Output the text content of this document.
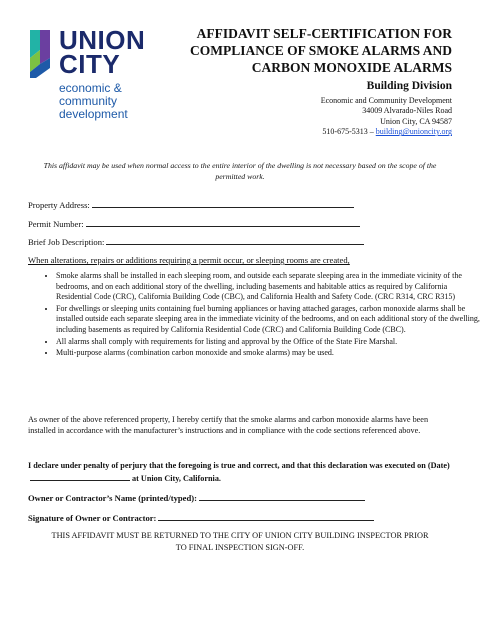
UNION
CITY
economic &
community
development
AFFIDAVIT SELF-CERTIFICATION FOR
COMPLIANCE OF SMOKE ALARMS AND
CARBON MONOXIDE ALARMS
Building Division
Economic and Community Development
34009 Alvarado-Niles Road
Union City, CA 94587
510-675-5313 – building@unioncity.org
This affidavit may be used when normal access to the entire interior of the dwelling is not necessary based on the scope of the permitted work.
Property Address:
Permit Number:
Brief Job Description:
When alterations, repairs or additions requiring a permit occur, or sleeping rooms are created,
• Smoke alarms shall be installed in each sleeping room, and outside each separate sleeping area in the immediate vicinity of the bedrooms, and on each additional story of the dwelling, including basements and habitable attics as required by California Residential Code (CRC), California Building Code (CBC), and California Health and Safety Code. (CRC R314, CRC R315)
• For dwellings or sleeping units containing fuel burning appliances or having attached garages, carbon monoxide alarms shall be installed outside each separate sleeping area in the immediate vicinity of the bedrooms, and on each additional story of the dwelling, including basements as required by California Residential Code (CRC) and California Building Code (CBC).
• All alarms shall comply with requirements for listing and approval by the Office of the State Fire Marshal.
• Multi-purpose alarms (combination carbon monoxide and smoke alarms) may be used.
As owner of the above referenced property, I hereby certify that the smoke alarms and carbon monoxide alarms have been installed in accordance with the manufacturer’s instructions and in compliance with the code sections referenced above.
I declare under penalty of perjury that the foregoing is true and correct, and that this declaration was executed on (Date)  at Union City, California.
Owner or Contractor’s Name (printed/typed):
Signature of Owner or Contractor:
THIS AFFIDAVIT MUST BE RETURNED TO THE CITY OF UNION CITY BUILDING INSPECTOR PRIOR
TO FINAL INSPECTION SIGN-OFF.
